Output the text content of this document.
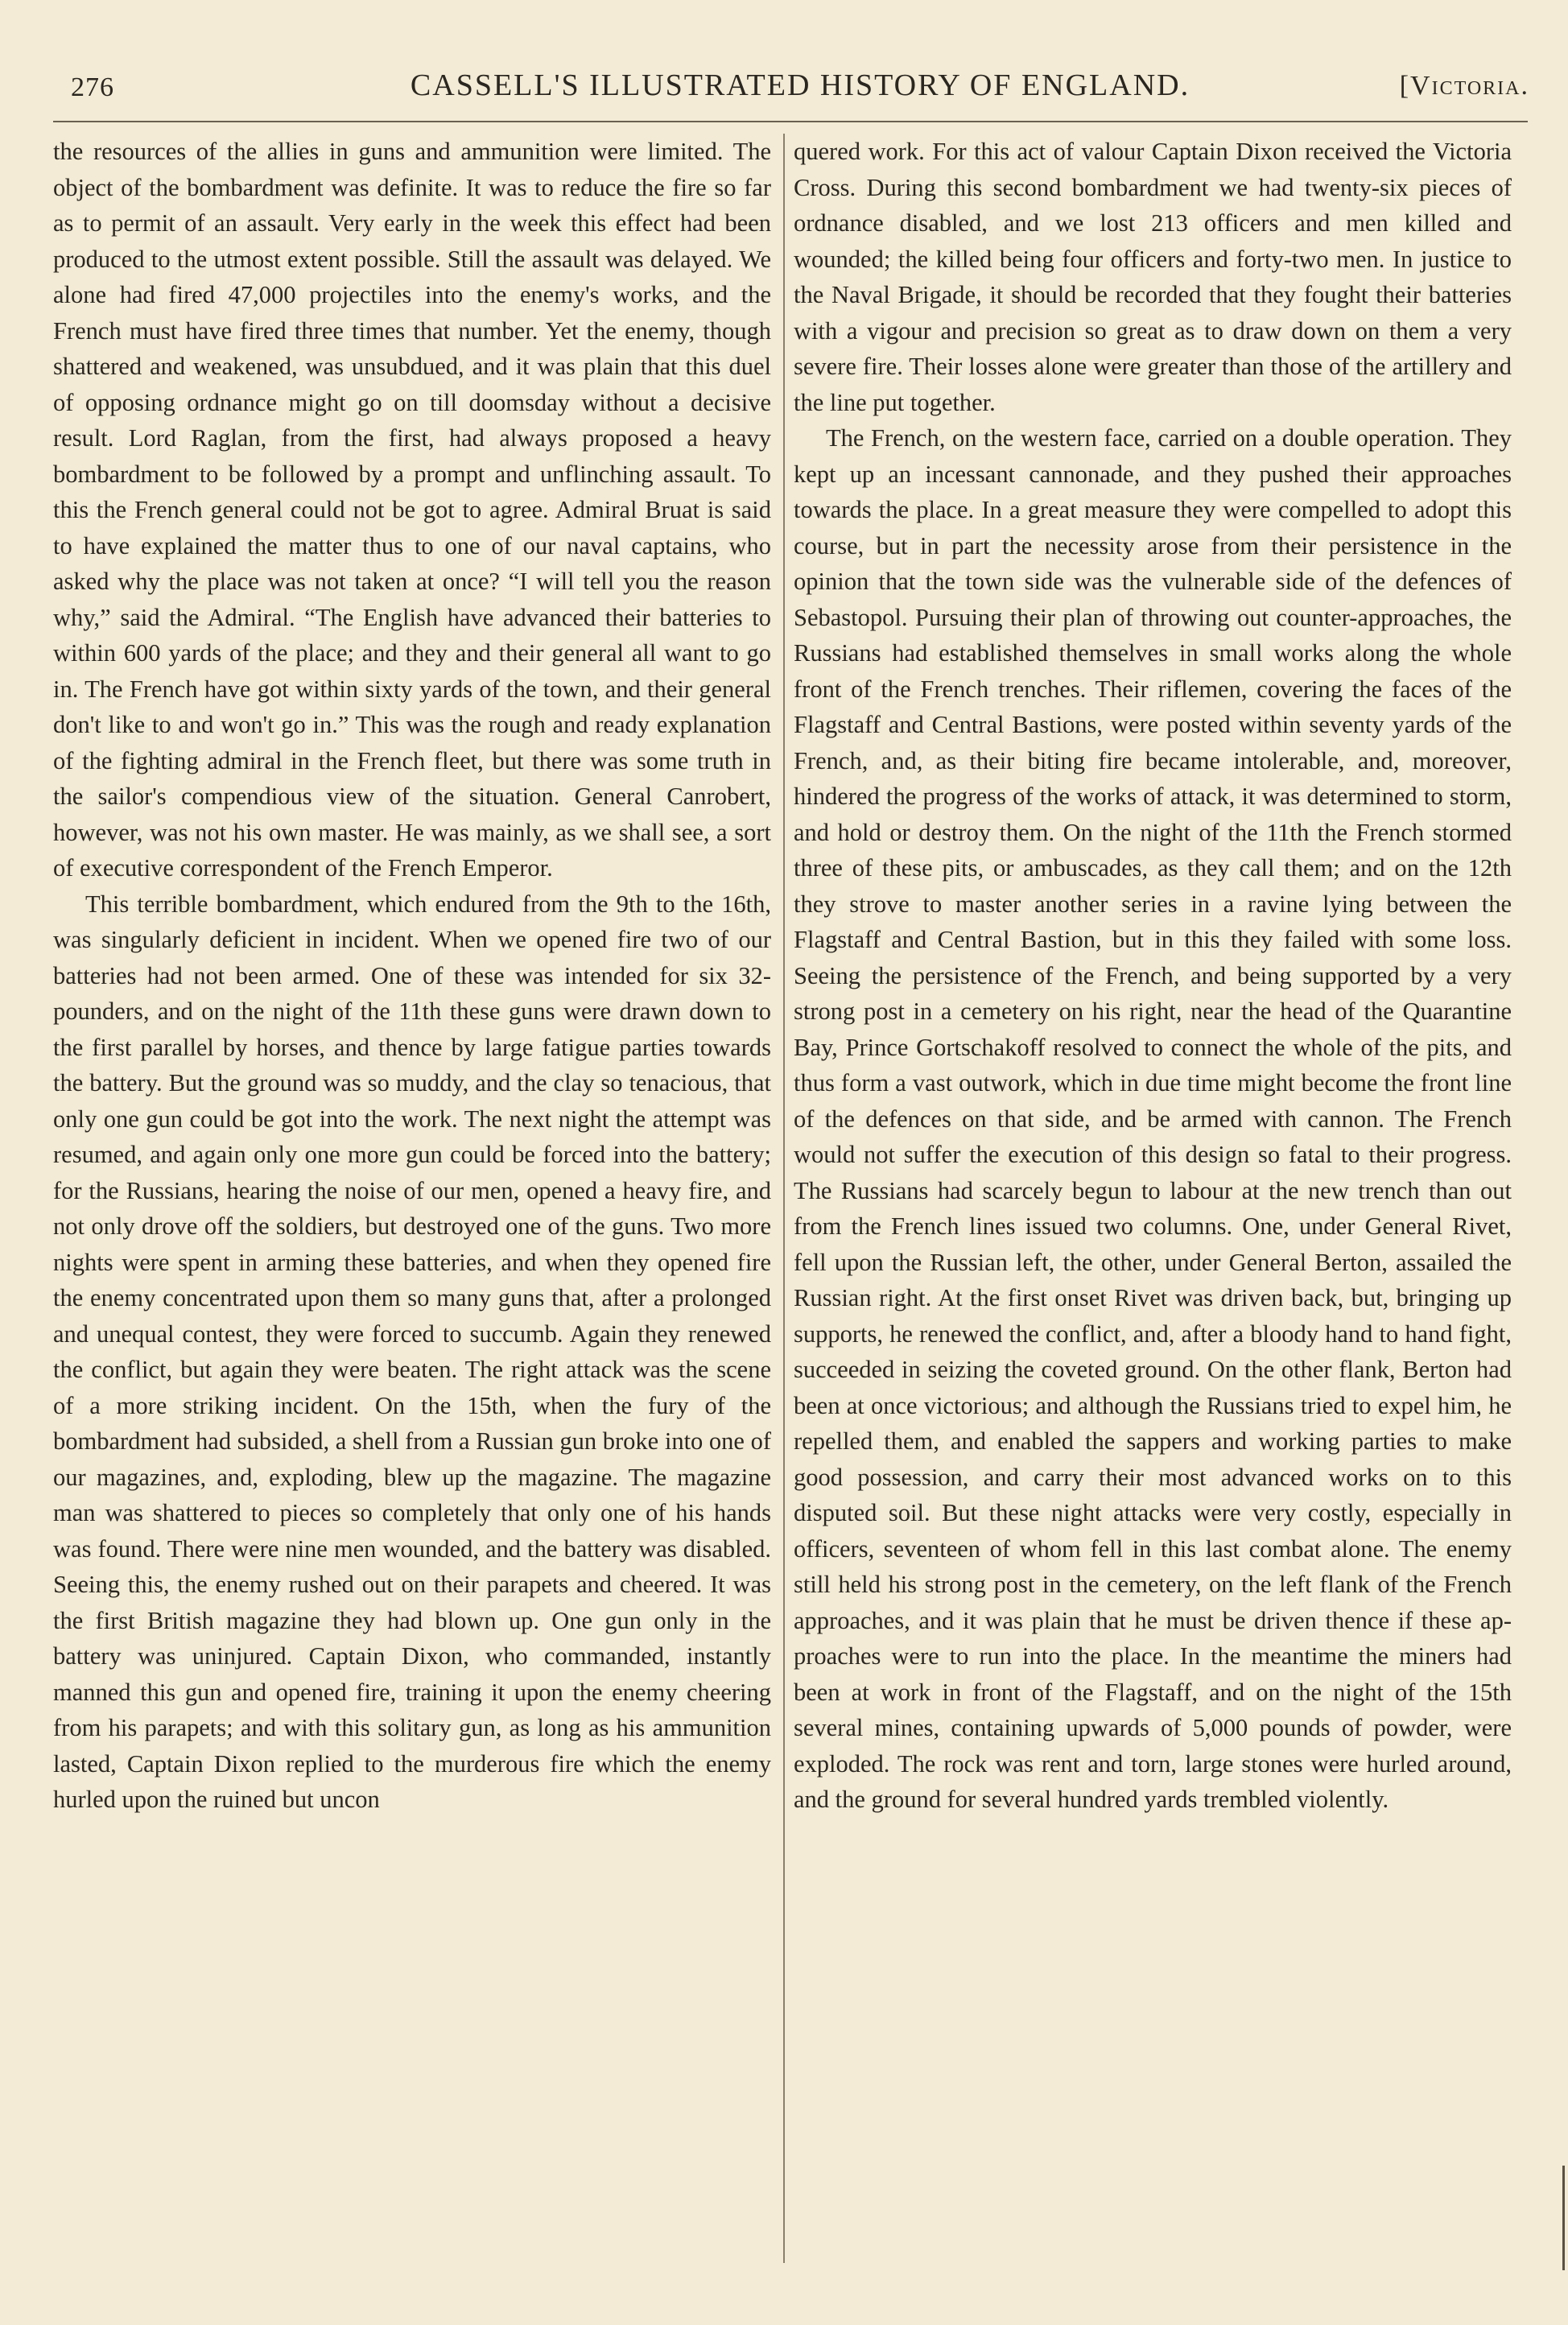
276	CASSELL'S ILLUSTRATED HISTORY OF ENGLAND.	[Victoria.

the resources of the allies in guns and ammunition were limited. The object of the bombardment was definite. It was to reduce the fire so far as to permit of an assault. Very early in the week this effect had been produced to the utmost extent possible. Still the assault was delayed. We alone had fired 47,000 projectiles into the enemy's works, and the French must have fired three times that number. Yet the enemy, though shattered and weakened, was unsubdued, and it was plain that this duel of opposing ordnance might go on till doomsday without a decisive result. Lord Raglan, from the first, had always proposed a heavy bombardment to be followed by a prompt and unflinching assault. To this the French general could not be got to agree. Admiral Bruat is said to have explained the matter thus to one of our naval captains, who asked why the place was not taken at once? “I will tell you the reason why,” said the Admiral. “The English have advanced their batteries to within 600 yards of the place; and they and their general all want to go in. The French have got within sixty yards of the town, and their general don't like to and won't go in.” This was the rough and ready explanation of the fighting admiral in the French fleet, but there was some truth in the sailor's compendious view of the situation. General Canrobert, however, was not his own master. He was mainly, as we shall see, a sort of executive correspondent of the French Emperor.

This terrible bombardment, which endured from the 9th to the 16th, was singularly deficient in incident. When we opened fire two of our batteries had not been armed. One of these was intended for six 32-pounders, and on the night of the 11th these guns were drawn down to the first parallel by horses, and thence by large fatigue parties towards the battery. But the ground was so muddy, and the clay so tenacious, that only one gun could be got into the work. The next night the attempt was resumed, and again only one more gun could be forced into the battery; for the Russians, hearing the noise of our men, opened a heavy fire, and not only drove off the soldiers, but destroyed one of the guns. Two more nights were spent in arming these batteries, and when they opened fire the enemy concentrated upon them so many guns that, after a prolonged and unequal contest, they were forced to succumb. Again they renewed the conflict, but again they were beaten. The right attack was the scene of a more striking incident. On the 15th, when the fury of the bombardment had subsided, a shell from a Russian gun broke into one of our magazines, and, exploding, blew up the magazine. The magazine man was shattered to pieces so completely that only one of his hands was found. There were nine men wounded, and the battery was disabled. Seeing this, the enemy rushed out on their parapets and cheered. It was the first British magazine they had blown up. One gun only in the battery was uninjured. Captain Dixon, who commanded, instantly manned this gun and opened fire, training it upon the enemy cheering from his parapets; and with this solitary gun, as long as his ammunition lasted, Captain Dixon replied to the murderous fire which the enemy hurled upon the ruined but uncon

quered work. For this act of valour Captain Dixon received the Victoria Cross. During this second bombardment we had twenty-six pieces of ordnance disabled, and we lost 213 officers and men killed and wounded; the killed being four officers and forty-two men. In justice to the Naval Brigade, it should be recorded that they fought their batteries with a vigour and precision so great as to draw down on them a very severe fire. Their losses alone were greater than those of the artillery and the line put together.

The French, on the western face, carried on a double operation. They kept up an incessant cannonade, and they pushed their approaches towards the place. In a great measure they were compelled to adopt this course, but in part the necessity arose from their persistence in the opinion that the town side was the vulnerable side of the defences of Sebastopol. Pursuing their plan of throwing out counter-approaches, the Russians had established themselves in small works along the whole front of the French trenches. Their riflemen, covering the faces of the Flagstaff and Central Bastions, were posted within seventy yards of the French, and, as their biting fire became intolerable, and, moreover, hindered the progress of the works of attack, it was determined to storm, and hold or destroy them. On the night of the 11th the French stormed three of these pits, or ambuscades, as they call them; and on the 12th they strove to master another series in a ravine lying between the Flagstaff and Central Bastion, but in this they failed with some loss. Seeing the persistence of the French, and being supported by a very strong post in a cemetery on his right, near the head of the Quarantine Bay, Prince Gortschakoff resolved to connect the whole of the pits, and thus form a vast outwork, which in due time might become the front line of the defences on that side, and be armed with cannon. The French would not suffer the execution of this design so fatal to their progress. The Russians had scarcely begun to labour at the new trench than out from the French lines issued two columns. One, under General Rivet, fell upon the Russian left, the other, under General Berton, assailed the Russian right. At the first onset Rivet was driven back, but, bringing up supports, he renewed the conflict, and, after a bloody hand to hand fight, succeeded in seizing the coveted ground. On the other flank, Berton had been at once victorious; and although the Russians tried to expel him, he repelled them, and enabled the sappers and working parties to make good possession, and carry their most advanced works on to this disputed soil. But these night attacks were very costly, especially in officers, seventeen of whom fell in this last combat alone. The enemy still held his strong post in the cemetery, on the left flank of the French approaches, and it was plain that he must be driven thence if these approaches were to run into the place. In the meantime the miners had been at work in front of the Flagstaff, and on the night of the 15th several mines, containing upwards of 5,000 pounds of powder, were exploded. The rock was rent and torn, large stones were hurled around, and the ground for several hundred yards trembled violently.
